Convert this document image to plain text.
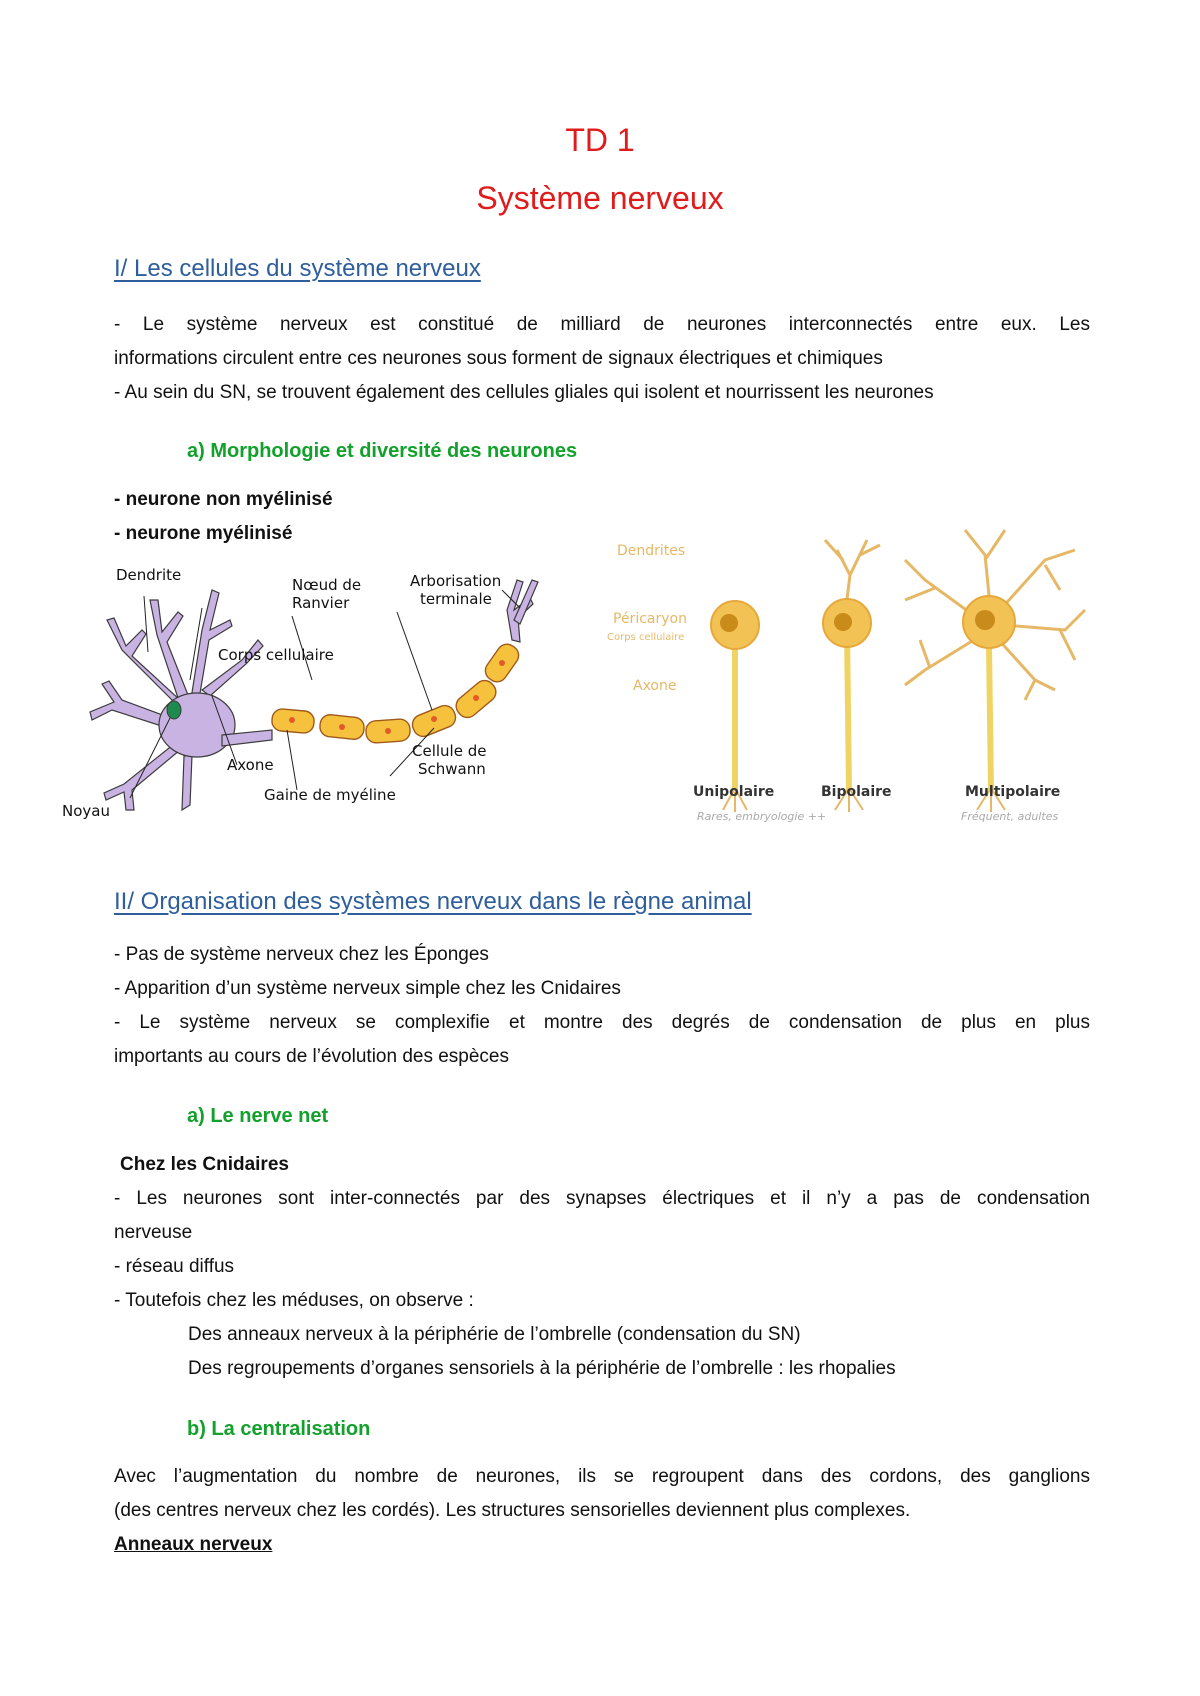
TD 1
Système nerveux
I/ Les cellules du système nerveux
- Le système nerveux est constitué de milliard de neurones interconnectés entre eux. Les
informations circulent entre ces neurones sous forment de signaux électriques et chimiques
- Au sein du SN, se trouvent également des cellules gliales qui isolent et nourrissent les neurones
a) Morphologie et diversité des neurones
- neurone non myélinisé
- neurone myélinisé
Dendrite
Nœud de
Ranvier
Arborisation
terminale
Corps cellulaire
Axone
Gaine de myéline
Cellule de
Schwann
Noyau
Dendrites
Péricaryon
Corps cellulaire
Axone
Unipolaire	Bipolaire	Multipolaire
Rares, embryologie ++	Fréquent, adultes
II/ Organisation des systèmes nerveux dans le règne animal
- Pas de système nerveux chez les Éponges
- Apparition d’un système nerveux simple chez les Cnidaires
- Le système nerveux se complexifie et montre des degrés de condensation de plus en plus
importants au cours de l’évolution des espèces
a) Le nerve net
Chez les Cnidaires
- Les neurones sont inter-connectés par des synapses électriques et il n’y a pas de condensation
nerveuse
- réseau diffus
- Toutefois chez les méduses, on observe :
Des anneaux nerveux à la périphérie de l’ombrelle (condensation du SN)
Des regroupements d’organes sensoriels à la périphérie de l’ombrelle : les rhopalies
b) La centralisation
Avec l’augmentation du nombre de neurones, ils se regroupent dans des cordons, des ganglions
(des centres nerveux chez les cordés). Les structures sensorielles deviennent plus complexes.
Anneaux nerveux
